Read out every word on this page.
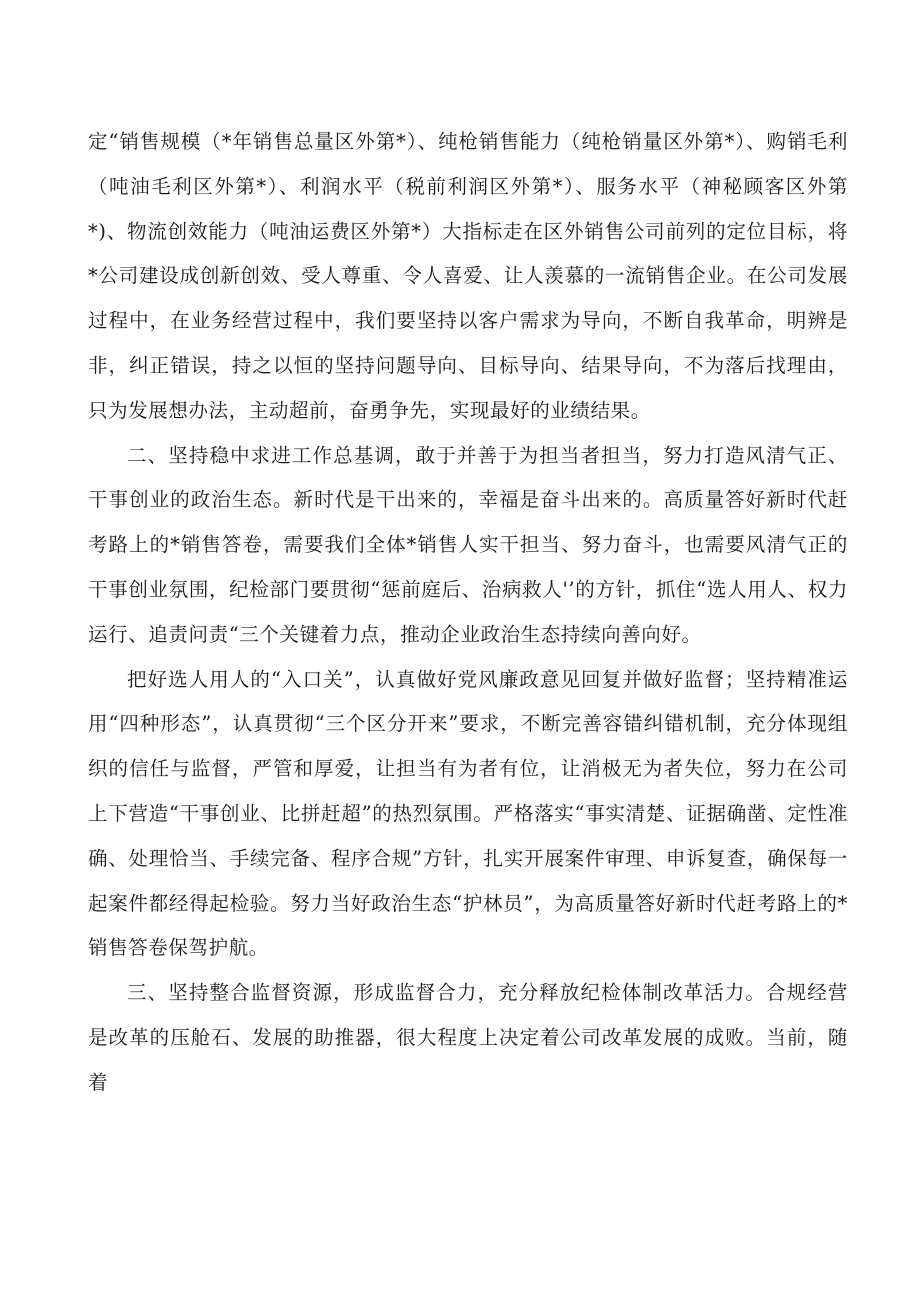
定“销售规模（*年销售总量区外第*）、纯枪销售能力（纯枪销量区外第*）、购销毛利（吨油毛利区外第*）、利润水平（税前利润区外第*）、服务水平（神秘顾客区外第*)、物流创效能力（吨油运费区外第*）大指标走在区外销售公司前列的定位目标，将*公司建设成创新创效、受人尊重、令人喜爱、让人羡慕的一流销售企业。在公司发展过程中，在业务经营过程中，我们要坚持以客户需求为导向，不断自我革命，明辨是非，纠正错误，持之以恒的坚持问题导向、目标导向、结果导向，不为落后找理由，只为发展想办法，主动超前，奋勇争先，实现最好的业绩结果。

二、坚持稳中求进工作总基调，敢于并善于为担当者担当，努力打造风清气正、干事创业的政治生态。新时代是干出来的，幸福是奋斗出来的。高质量答好新时代赶考路上的*销售答卷，需要我们全体*销售人实干担当、努力奋斗，也需要风清气正的干事创业氛围，纪检部门要贯彻“惩前庭后、治病救人'’的方针，抓住“选人用人、权力运行、追责问责“三个关键着力点，推动企业政治生态持续向善向好。

把好选人用人的“入口关”，认真做好党风廉政意见回复并做好监督；坚持精准运用“四种形态”，认真贯彻“三个区分开来”要求，不断完善容错纠错机制，充分体现组织的信任与监督，严管和厚爱，让担当有为者有位，让消极无为者失位，努力在公司上下营造“干事创业、比拼赶超”的热烈氛围。严格落实“事实清楚、证据确凿、定性准确、处理恰当、手续完备、程序合规”方针，扎实开展案件审理、申诉复查，确保每一起案件都经得起检验。努力当好政治生态“护林员”，为高质量答好新时代赶考路上的*销售答卷保驾护航。

三、坚持整合监督资源，形成监督合力，充分释放纪检体制改革活力。合规经营是改革的压舱石、发展的助推器，很大程度上决定着公司改革发展的成败。当前，随着
